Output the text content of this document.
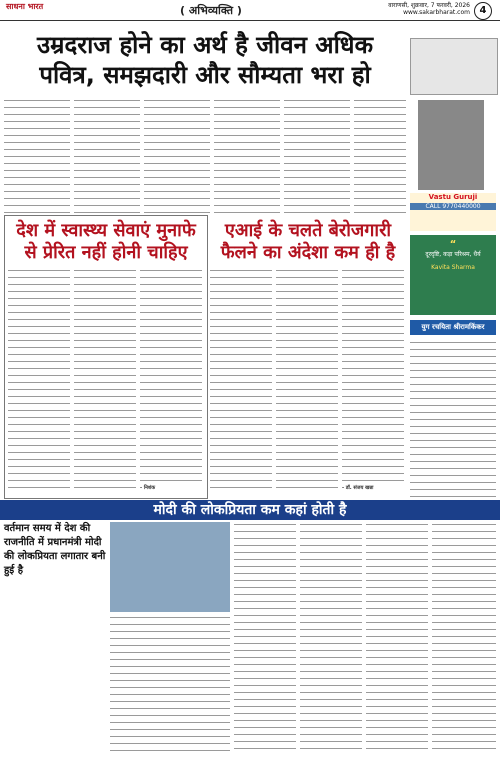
साधना भारत	( अभिव्यक्ति )	वाराणसी, शुक्रवार, 7 फरवरी, 2026
www.sakarbharat.com 4
उम्रदराज होने का अर्थ है जीवन अधिक पवित्र, समझदारी और सौम्यता भरा हो
देश में स्वास्थ्य सेवाएं मुनाफे से प्रेरित नहीं होनी चाहिए
- निशंक
एआई के चलते बेरोजगारी फैलने का अंदेशा कम ही है
- डॉ. संजय खन्ना
Vastu Guruji
CALL 9770440000
“
दूरदृष्टि, कड़ा परिश्रम, धैर्य
Kavita Sharma
युग रचयिता श्रीरामकिंकर
मोदी की लोकप्रियता कम कहां होती है
वर्तमान समय में देश की राजनीति में प्रधानमंत्री मोदी की लोकप्रियता लगातार बनी हुई है
